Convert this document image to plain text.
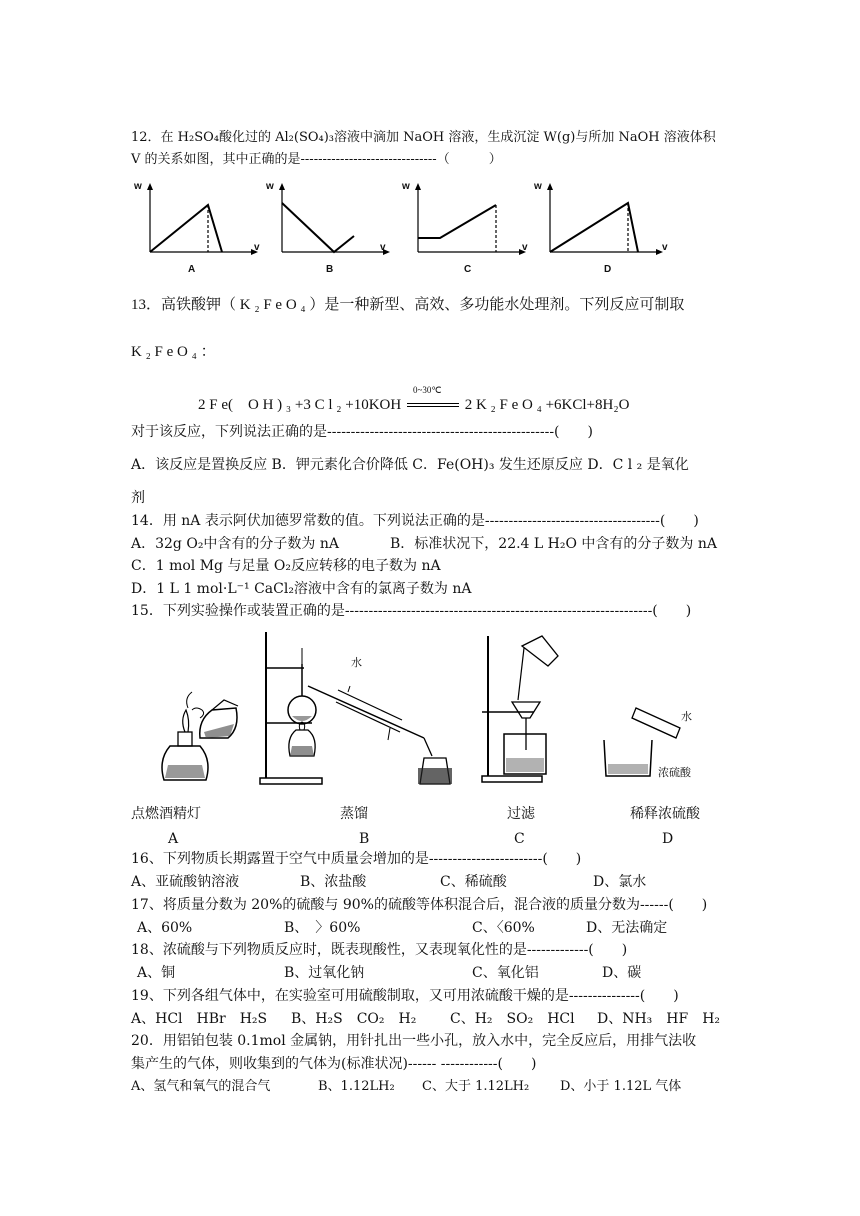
12．在 H₂SO₄酸化过的 Al₂(SO₄)₃溶液中滴加 NaOH 溶液，生成沉淀 W(g)与所加 NaOH 溶液体积
V 的关系如图，其中正确的是-------------------------------（　　　）
w
v
A
w
v
B
w
v
C
w
v
D
13．高铁酸钾（ K ₂ F e O ₄ ）是一种新型、高效、多功能水处理剂。下列反应可制取
K ₂ F e O ₄ ：
2 F e(　O H ) ₃ +3 C l ₂ +10KOH
0~30℃
2 K ₂ F e O ₄ +6KCl+8H₂O
对于该反应，下列说法正确的是------------------------------------------------(　　)
A．该反应是置换反应 B．钾元素化合价降低 C．Fe(OH)₃ 发生还原反应 D．C l ₂ 是氧化
剂
14．用 nA 表示阿伏加德罗常数的值。下列说法正确的是-------------------------------------(　　)
A．32g O₂中含有的分子数为 nA	B．标准状况下，22.4 L H₂O 中含有的分子数为 nA
C．1 mol Mg 与足量 O₂反应转移的电子数为 nA
D．1 L 1 mol·L⁻¹ CaCl₂溶液中含有的氯离子数为 nA
15．下列实验操作或装置正确的是-----------------------------------------------------------------(　　)
水
水
浓硫酸
点燃酒精灯	蒸馏	过滤	稀释浓硫酸
A	B	C	D
16、下列物质长期露置于空气中质量会增加的是------------------------(　　)
A、亚硫酸钠溶液	B、浓盐酸	C、稀硫酸	D、氯水
17、将质量分数为 20%的硫酸与 90%的硫酸等体积混合后，混合液的质量分数为------(　　)
A、60%	B、　〉60%	C、〈60%	D、无法确定
18、浓硫酸与下列物质反应时，既表现酸性，又表现氧化性的是-------------(　　)
A、铜	B、过氧化钠	C、氧化铝	D、碳
19、下列各组气体中，在实验室可用硫酸制取，又可用浓硫酸干燥的是---------------(　　)
A、HCl　HBr　H₂S B、H₂S　CO₂　H₂ C、H₂　SO₂　HCl D、NH₃　HF　H₂
20．用铝铂包装 0.1mol 金属钠，用针扎出一些小孔，放入水中，完全反应后，用排气法收
集产生的气体，则收集到的气体为(标准状况)------ ------------(　　)
A、氢气和氧气的混合气	B、1.12LH₂ C、大于 1.12LH₂ D、小于 1.12L 气体
